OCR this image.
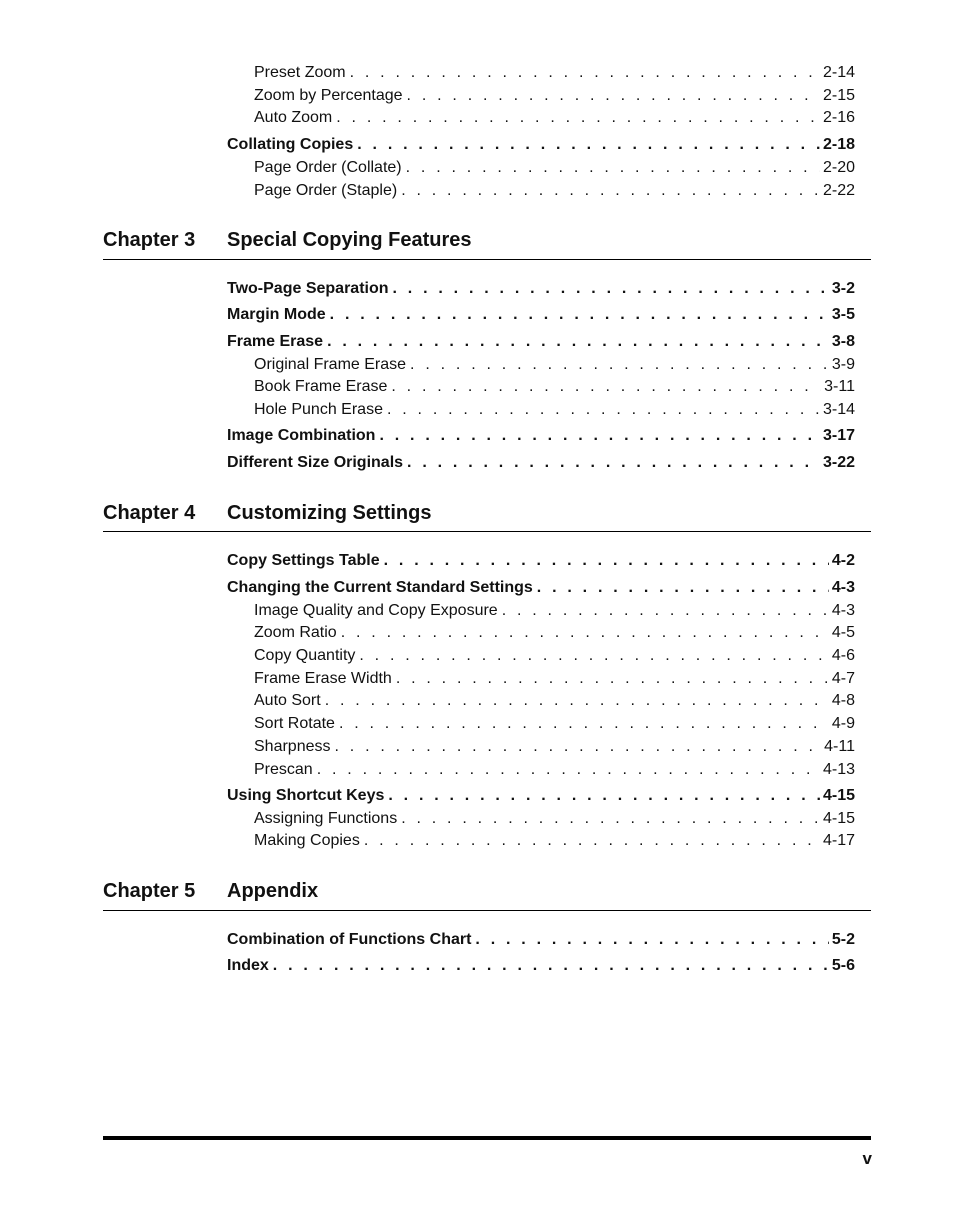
Preset Zoom . . .	2-14
Zoom by Percentage . . .	2-15
Auto Zoom . . .	2-16
Collating Copies . . .	2-18
Page Order (Collate) . . .	2-20
Page Order (Staple) . . .	2-22
Chapter 3 Special Copying Features
Two-Page Separation . . .	3-2
Margin Mode . . .	3-5
Frame Erase . . .	3-8
Original Frame Erase . . .	3-9
Book Frame Erase . . .	3-11
Hole Punch Erase . . .	3-14
Image Combination . . .	3-17
Different Size Originals . . .	3-22
Chapter 4 Customizing Settings
Copy Settings Table . . .	4-2
Changing the Current Standard Settings . . .	4-3
Image Quality and Copy Exposure . . .	4-3
Zoom Ratio . . .	4-5
Copy Quantity . . .	4-6
Frame Erase Width . . .	4-7
Auto Sort . . .	4-8
Sort Rotate . . .	4-9
Sharpness . . .	4-11
Prescan . . .	4-13
Using Shortcut Keys . . .	4-15
Assigning Functions . . .	4-15
Making Copies . . .	4-17
Chapter 5 Appendix
Combination of Functions Chart . . .	5-2
Index . . .	5-6
v
